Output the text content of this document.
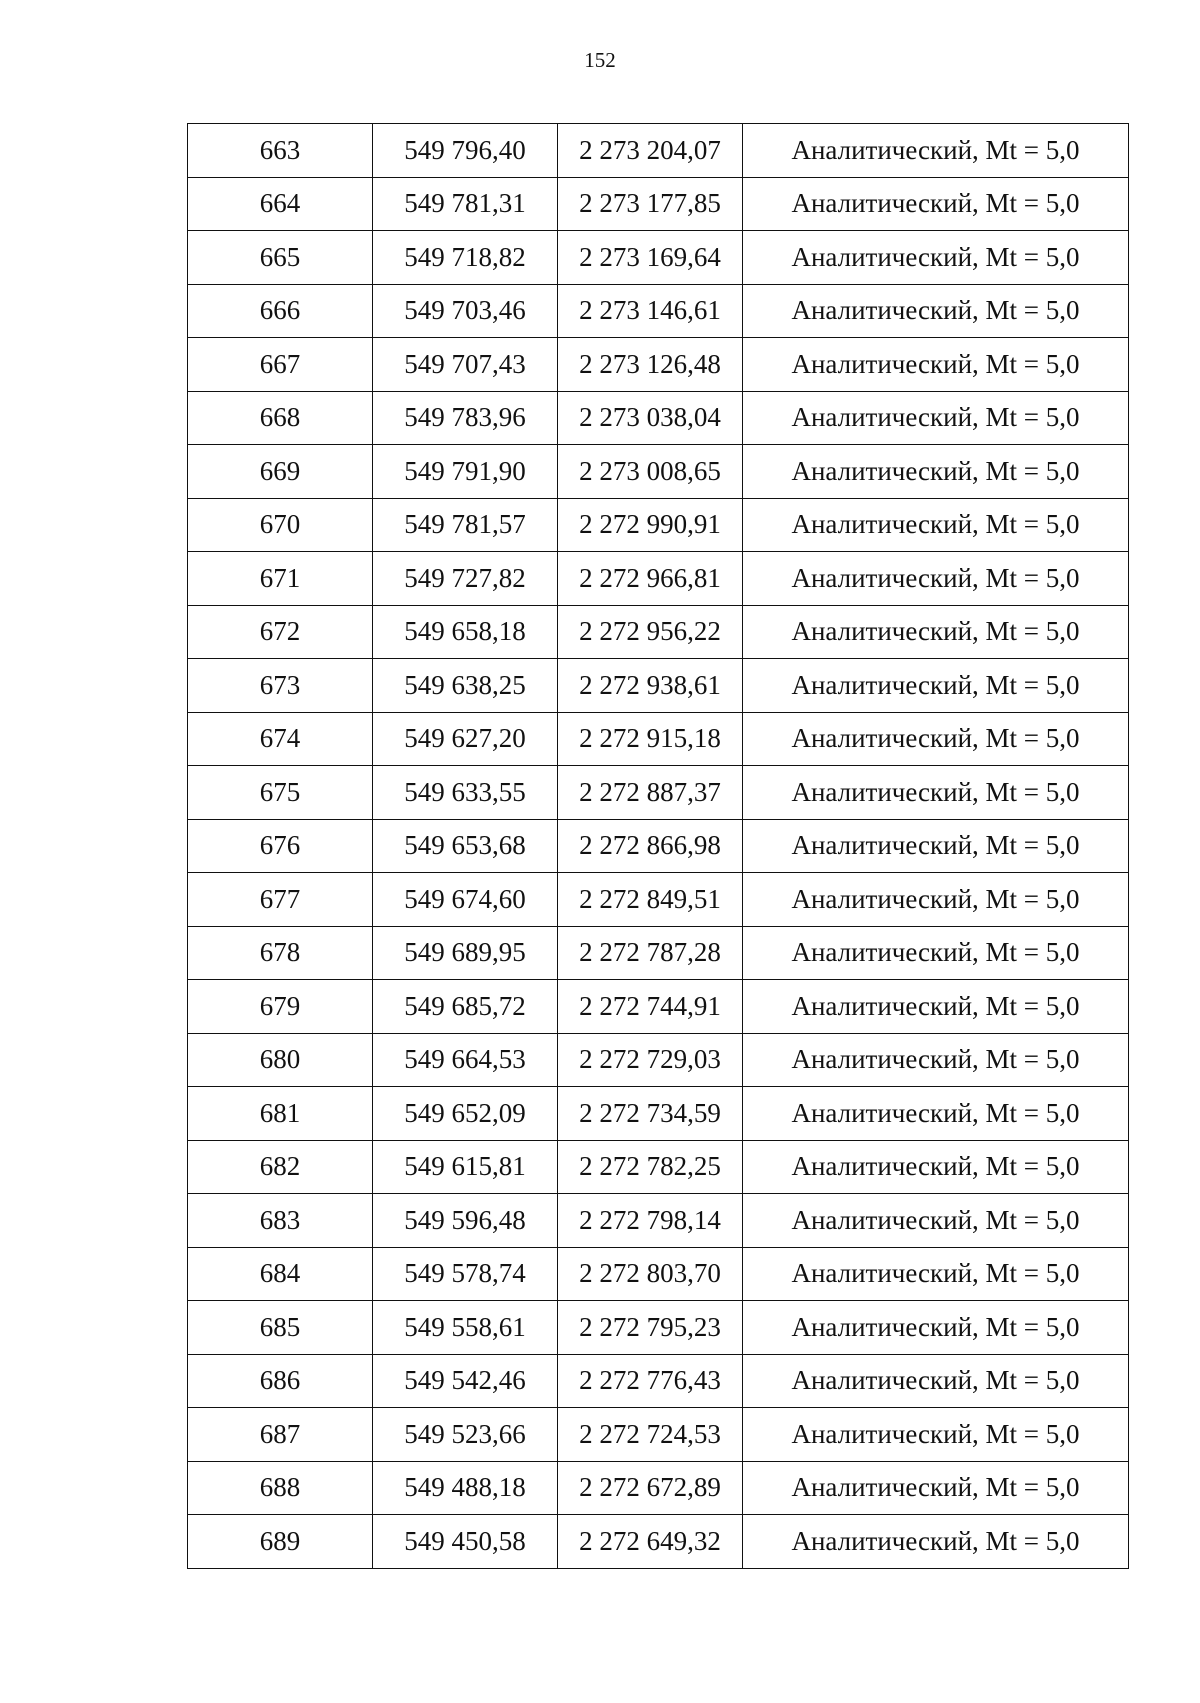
152
663	549 796,40	2 273 204,07	Аналитический, Mt = 5,0
664	549 781,31	2 273 177,85	Аналитический, Mt = 5,0
665	549 718,82	2 273 169,64	Аналитический, Mt = 5,0
666	549 703,46	2 273 146,61	Аналитический, Mt = 5,0
667	549 707,43	2 273 126,48	Аналитический, Mt = 5,0
668	549 783,96	2 273 038,04	Аналитический, Mt = 5,0
669	549 791,90	2 273 008,65	Аналитический, Mt = 5,0
670	549 781,57	2 272 990,91	Аналитический, Mt = 5,0
671	549 727,82	2 272 966,81	Аналитический, Mt = 5,0
672	549 658,18	2 272 956,22	Аналитический, Mt = 5,0
673	549 638,25	2 272 938,61	Аналитический, Mt = 5,0
674	549 627,20	2 272 915,18	Аналитический, Mt = 5,0
675	549 633,55	2 272 887,37	Аналитический, Mt = 5,0
676	549 653,68	2 272 866,98	Аналитический, Mt = 5,0
677	549 674,60	2 272 849,51	Аналитический, Mt = 5,0
678	549 689,95	2 272 787,28	Аналитический, Mt = 5,0
679	549 685,72	2 272 744,91	Аналитический, Mt = 5,0
680	549 664,53	2 272 729,03	Аналитический, Mt = 5,0
681	549 652,09	2 272 734,59	Аналитический, Mt = 5,0
682	549 615,81	2 272 782,25	Аналитический, Mt = 5,0
683	549 596,48	2 272 798,14	Аналитический, Mt = 5,0
684	549 578,74	2 272 803,70	Аналитический, Mt = 5,0
685	549 558,61	2 272 795,23	Аналитический, Mt = 5,0
686	549 542,46	2 272 776,43	Аналитический, Mt = 5,0
687	549 523,66	2 272 724,53	Аналитический, Mt = 5,0
688	549 488,18	2 272 672,89	Аналитический, Mt = 5,0
689	549 450,58	2 272 649,32	Аналитический, Mt = 5,0
